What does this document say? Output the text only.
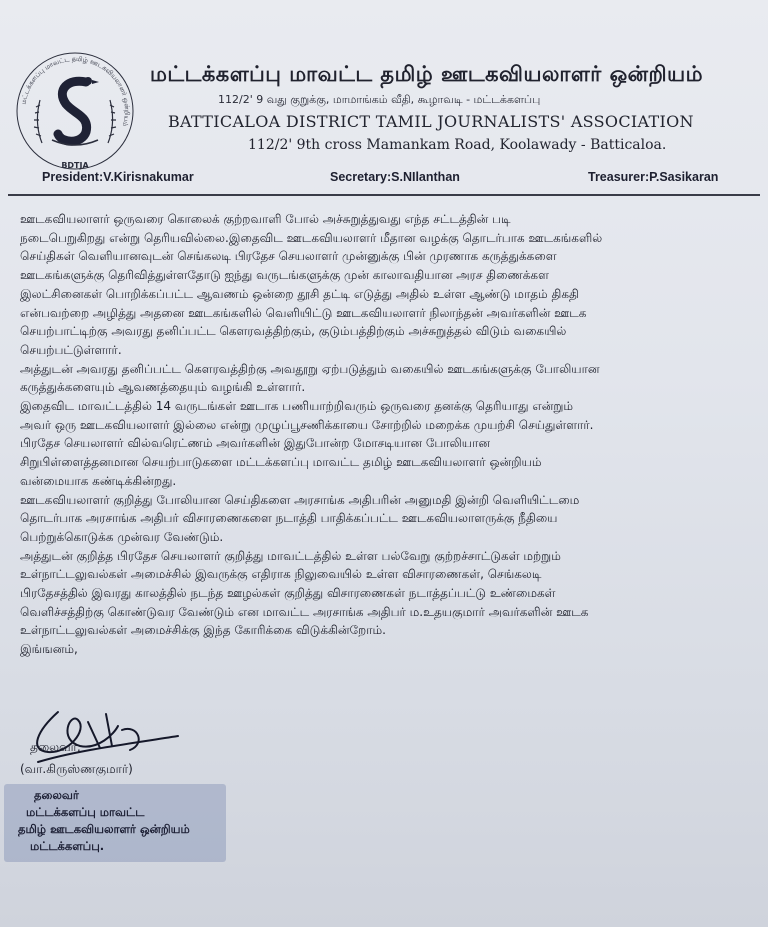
மட்டக்களப்பு மாவட்ட தமிழ் ஊடகவியலாளர் ஒன்றியம்
BDTJA
மட்டக்களப்பு மாவட்ட தமிழ் ஊடகவியலாளர் ஒன்றியம்
112/2' 9 வது குறுக்கு, மாமாங்கம் வீதி, கூழாவடி - மட்டக்களப்பு
BATTICALOA DISTRICT TAMIL JOURNALISTS' ASSOCIATION
112/2' 9th cross Mamankam Road, Koolawady - Batticaloa.
President:V.Kirisnakumar	Secretary:S.NIlanthan	Treasurer:P.Sasikaran
ஊடகவியலாளர் ஒருவரை கொலைக் குற்றவாளி போல் அச்சுறுத்துவது எந்த சட்டத்தின் படி
நடைபெறுகிறது என்று தெரியவில்லை.இதைவிட ஊடகவியலாளர் மீதான வழக்கு தொடர்பாக ஊடகங்களில்
செய்திகள் வெளியானவுடன் செங்கலடி பிரதேச செயலாளர் முன்னுக்கு பின் முரணாக கருத்துக்களை
ஊடகங்களுக்கு தெரிவித்துள்ளதோடு ஐந்து வருடங்களுக்கு முன் காலாவதியான அரச திணைக்கள
இலட்சினைகள் பொறிக்கப்பட்ட ஆவணம் ஒன்றை தூசி தட்டி எடுத்து அதில் உள்ள ஆண்டு மாதம் திகதி
என்பவற்றை அழித்து அதனை ஊடகங்களில் வெளியிட்டு ஊடகவியலாளர் நிலாந்தன் அவர்களின் ஊடக
செயற்பாட்டிற்கு அவரது தனிப்பட்ட கௌரவத்திற்கும், குடும்பத்திற்கும் அச்சுறுத்தல் விடும் வகையில்
செயற்பட்டுள்ளார்.
அத்துடன் அவரது தனிப்பட்ட கௌரவத்திற்கு அவதூறு ஏற்படுத்தும் வகையில் ஊடகங்களுக்கு போலியான
கருத்துக்களையும் ஆவணத்தையும் வழங்கி உள்ளார்.
இதைவிட மாவட்டத்தில் 14 வருடங்கள் ஊடாக பணியாற்றிவரும் ஒருவரை தனக்கு தெரியாது என்றும்
அவர் ஒரு ஊடகவியலாளர் இல்லை என்று முழுப்பூசணிக்காயை சோற்றில் மறைக்க முயற்சி செய்துள்ளார்.
பிரதேச செயலாளர் வில்வரெட்ணம் அவர்களின் இதுபோன்ற மோசடியான போலியான
சிறுபிள்ளைத்தனமான செயற்பாடுகளை மட்டக்களப்பு மாவட்ட தமிழ் ஊடகவியலாளர் ஒன்றியம்
வன்மையாக கண்டிக்கின்றது.
ஊடகவியலாளர் குறித்து போலியான செய்திகளை அரசாங்க அதிபரின் அனுமதி இன்றி வெளியிட்டமை
தொடர்பாக அரசாங்க அதிபர் விசாரணைகளை நடாத்தி பாதிக்கப்பட்ட ஊடகவியலாளருக்கு நீதியை
பெற்றுக்கொடுக்க முன்வர வேண்டும்.
அத்துடன் குறித்த பிரதேச செயலாளர் குறித்து மாவட்டத்தில் உள்ள பல்வேறு குற்றச்சாட்டுகள் மற்றும்
உள்நாட்டலுவல்கள் அமைச்சில் இவருக்கு எதிராக நிலுவையில் உள்ள விசாரணைகள், செங்கலடி
பிரதேசத்தில் இவரது காலத்தில் நடந்த ஊழல்கள் குறித்து விசாரணைகள் நடாத்தப்பட்டு உண்மைகள்
வெளிச்சத்திற்கு கொண்டுவர வேண்டும் என மாவட்ட அரசாங்க அதிபர் ம.உதயகுமார் அவர்களின் ஊடக
உள்நாட்டலுவல்கள் அமைச்சிக்கு இந்த கோரிக்கை விடுக்கின்றோம்.
இங்ஙனம்,
தலைவர்,
(வா.கிருஸ்ணகுமார்)
தலைவர்
மட்டக்களப்பு மாவட்ட
தமிழ் ஊடகவியலாளர் ஒன்றியம்
மட்டக்களப்பு.
